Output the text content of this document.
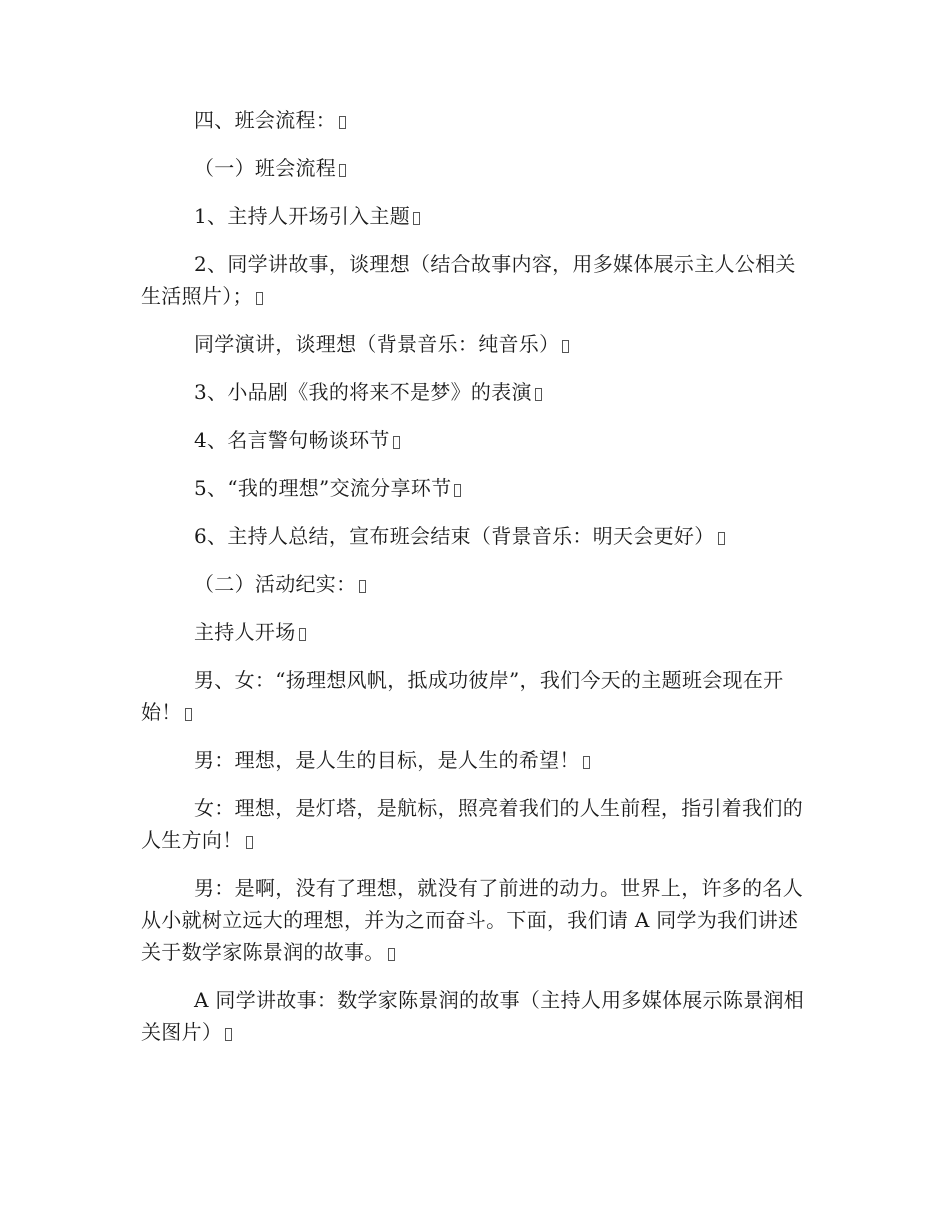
四、班会流程：

（一）班会流程

1、主持人开场引入主题

2、同学讲故事，谈理想（结合故事内容，用多媒体展示主人公相关生活照片）；

同学演讲，谈理想（背景音乐：纯音乐）

3、小品剧《我的将来不是梦》的表演

4、名言警句畅谈环节

5、“我的理想”交流分享环节

6、主持人总结，宣布班会结束（背景音乐：明天会更好）

（二）活动纪实：

主持人开场

男、女：“扬理想风帆，抵成功彼岸”，我们今天的主题班会现在开始！

男：理想，是人生的目标，是人生的希望！

女：理想，是灯塔，是航标，照亮着我们的人生前程，指引着我们的人生方向！

男：是啊，没有了理想，就没有了前进的动力。世界上，许多的名人从小就树立远大的理想，并为之而奋斗。下面，我们请 A 同学为我们讲述关于数学家陈景润的故事。

A 同学讲故事：数学家陈景润的故事（主持人用多媒体展示陈景润相关图片）
